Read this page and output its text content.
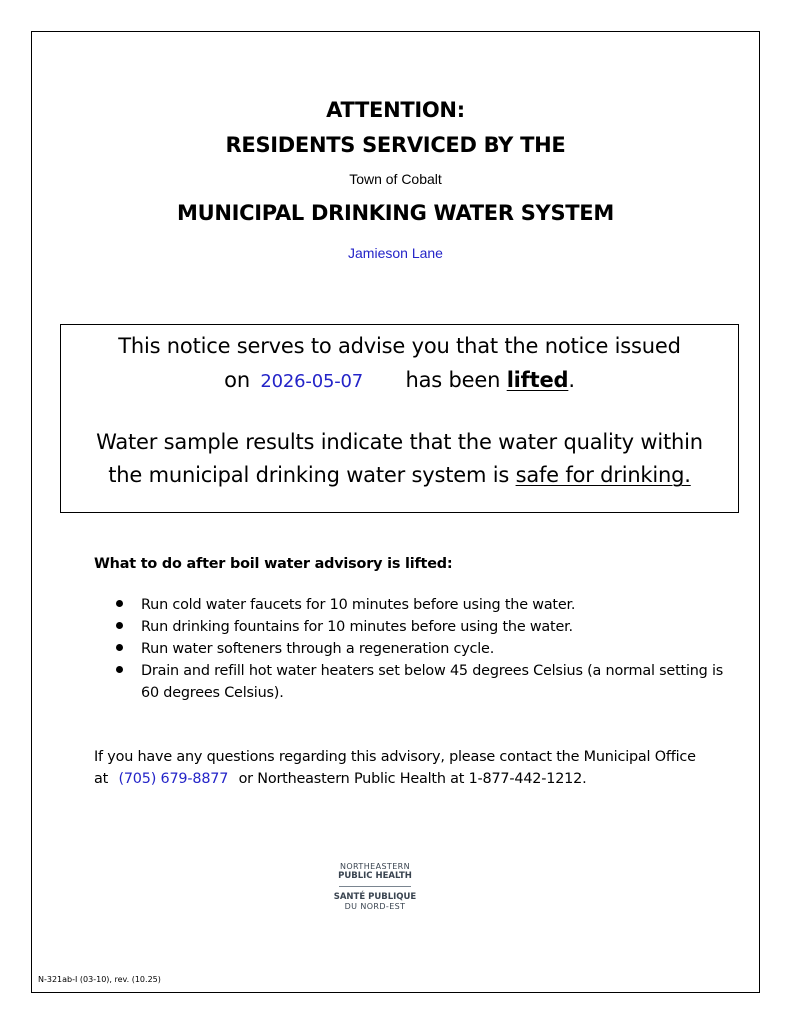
ATTENTION:
RESIDENTS SERVICED BY THE
Town of Cobalt
MUNICIPAL DRINKING WATER SYSTEM
Jamieson Lane
This notice serves to advise you that the notice issued
on 2026-05-07 has been lifted.
Water sample results indicate that the water quality within
the municipal drinking water system is safe for drinking.
What to do after boil water advisory is lifted:
Run cold water faucets for 10 minutes before using the water.
Run drinking fountains for 10 minutes before using the water.
Run water softeners through a regeneration cycle.
Drain and refill hot water heaters set below 45 degrees Celsius (a normal setting is 60 degrees Celsius).
If you have any questions regarding this advisory, please contact the Municipal Office
at (705) 679-8877 or Northeastern Public Health at 1-877-442-1212.
NORTHEASTERN
PUBLIC HEALTH
SANTÉ PUBLIQUE
DU NORD-EST
N-321ab-I (03-10), rev. (10.25)
